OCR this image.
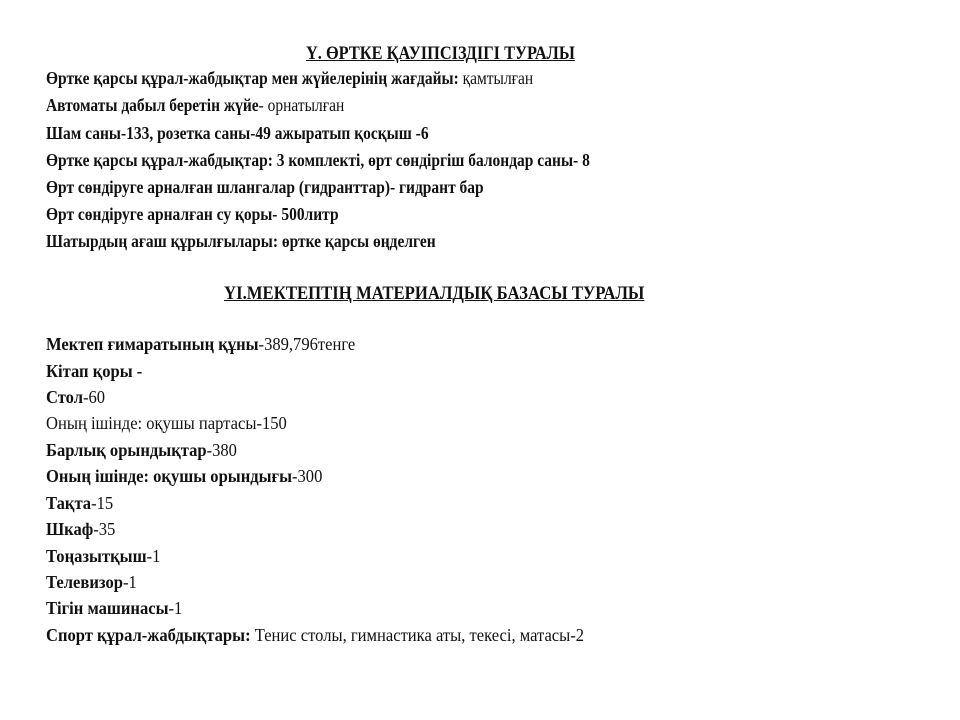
Ү. ӨРТКЕ ҚАУІПСІЗДІГІ ТУРАЛЫ
Өртке қарсы құрал-жабдықтар мен жүйелерінің жағдайы: қамтылған
Автоматы дабыл беретін жүйе- орнатылған
Шам саны-133, розетка саны-49 ажыратып қосқыш -6
Өртке қарсы құрал-жабдықтар: 3 комплекті, өрт сөндіргіш балондар саны- 8
Өрт сөндіруге арналған шлангалар (гидранттар)- гидрант бар
Өрт сөндіруге арналған су қоры- 500литр
Шатырдың ағаш құрылғылары: өртке қарсы өңделген
ҮІ.МЕКТЕПТІҢ МАТЕРИАЛДЫҚ БАЗАСЫ ТУРАЛЫ
Мектеп ғимаратының құны-389,796тенге
Кітап қоры -
Стол-60
Оның ішінде: оқушы партасы-150
Барлық орындықтар-380
Оның ішінде: оқушы орындығы-300
Тақта-15
Шкаф-35
Тоңазытқыш-1
Телевизор-1
Тігін машинасы-1
Спорт құрал-жабдықтары: Тенис столы, гимнастика аты, текесі, матасы-2
